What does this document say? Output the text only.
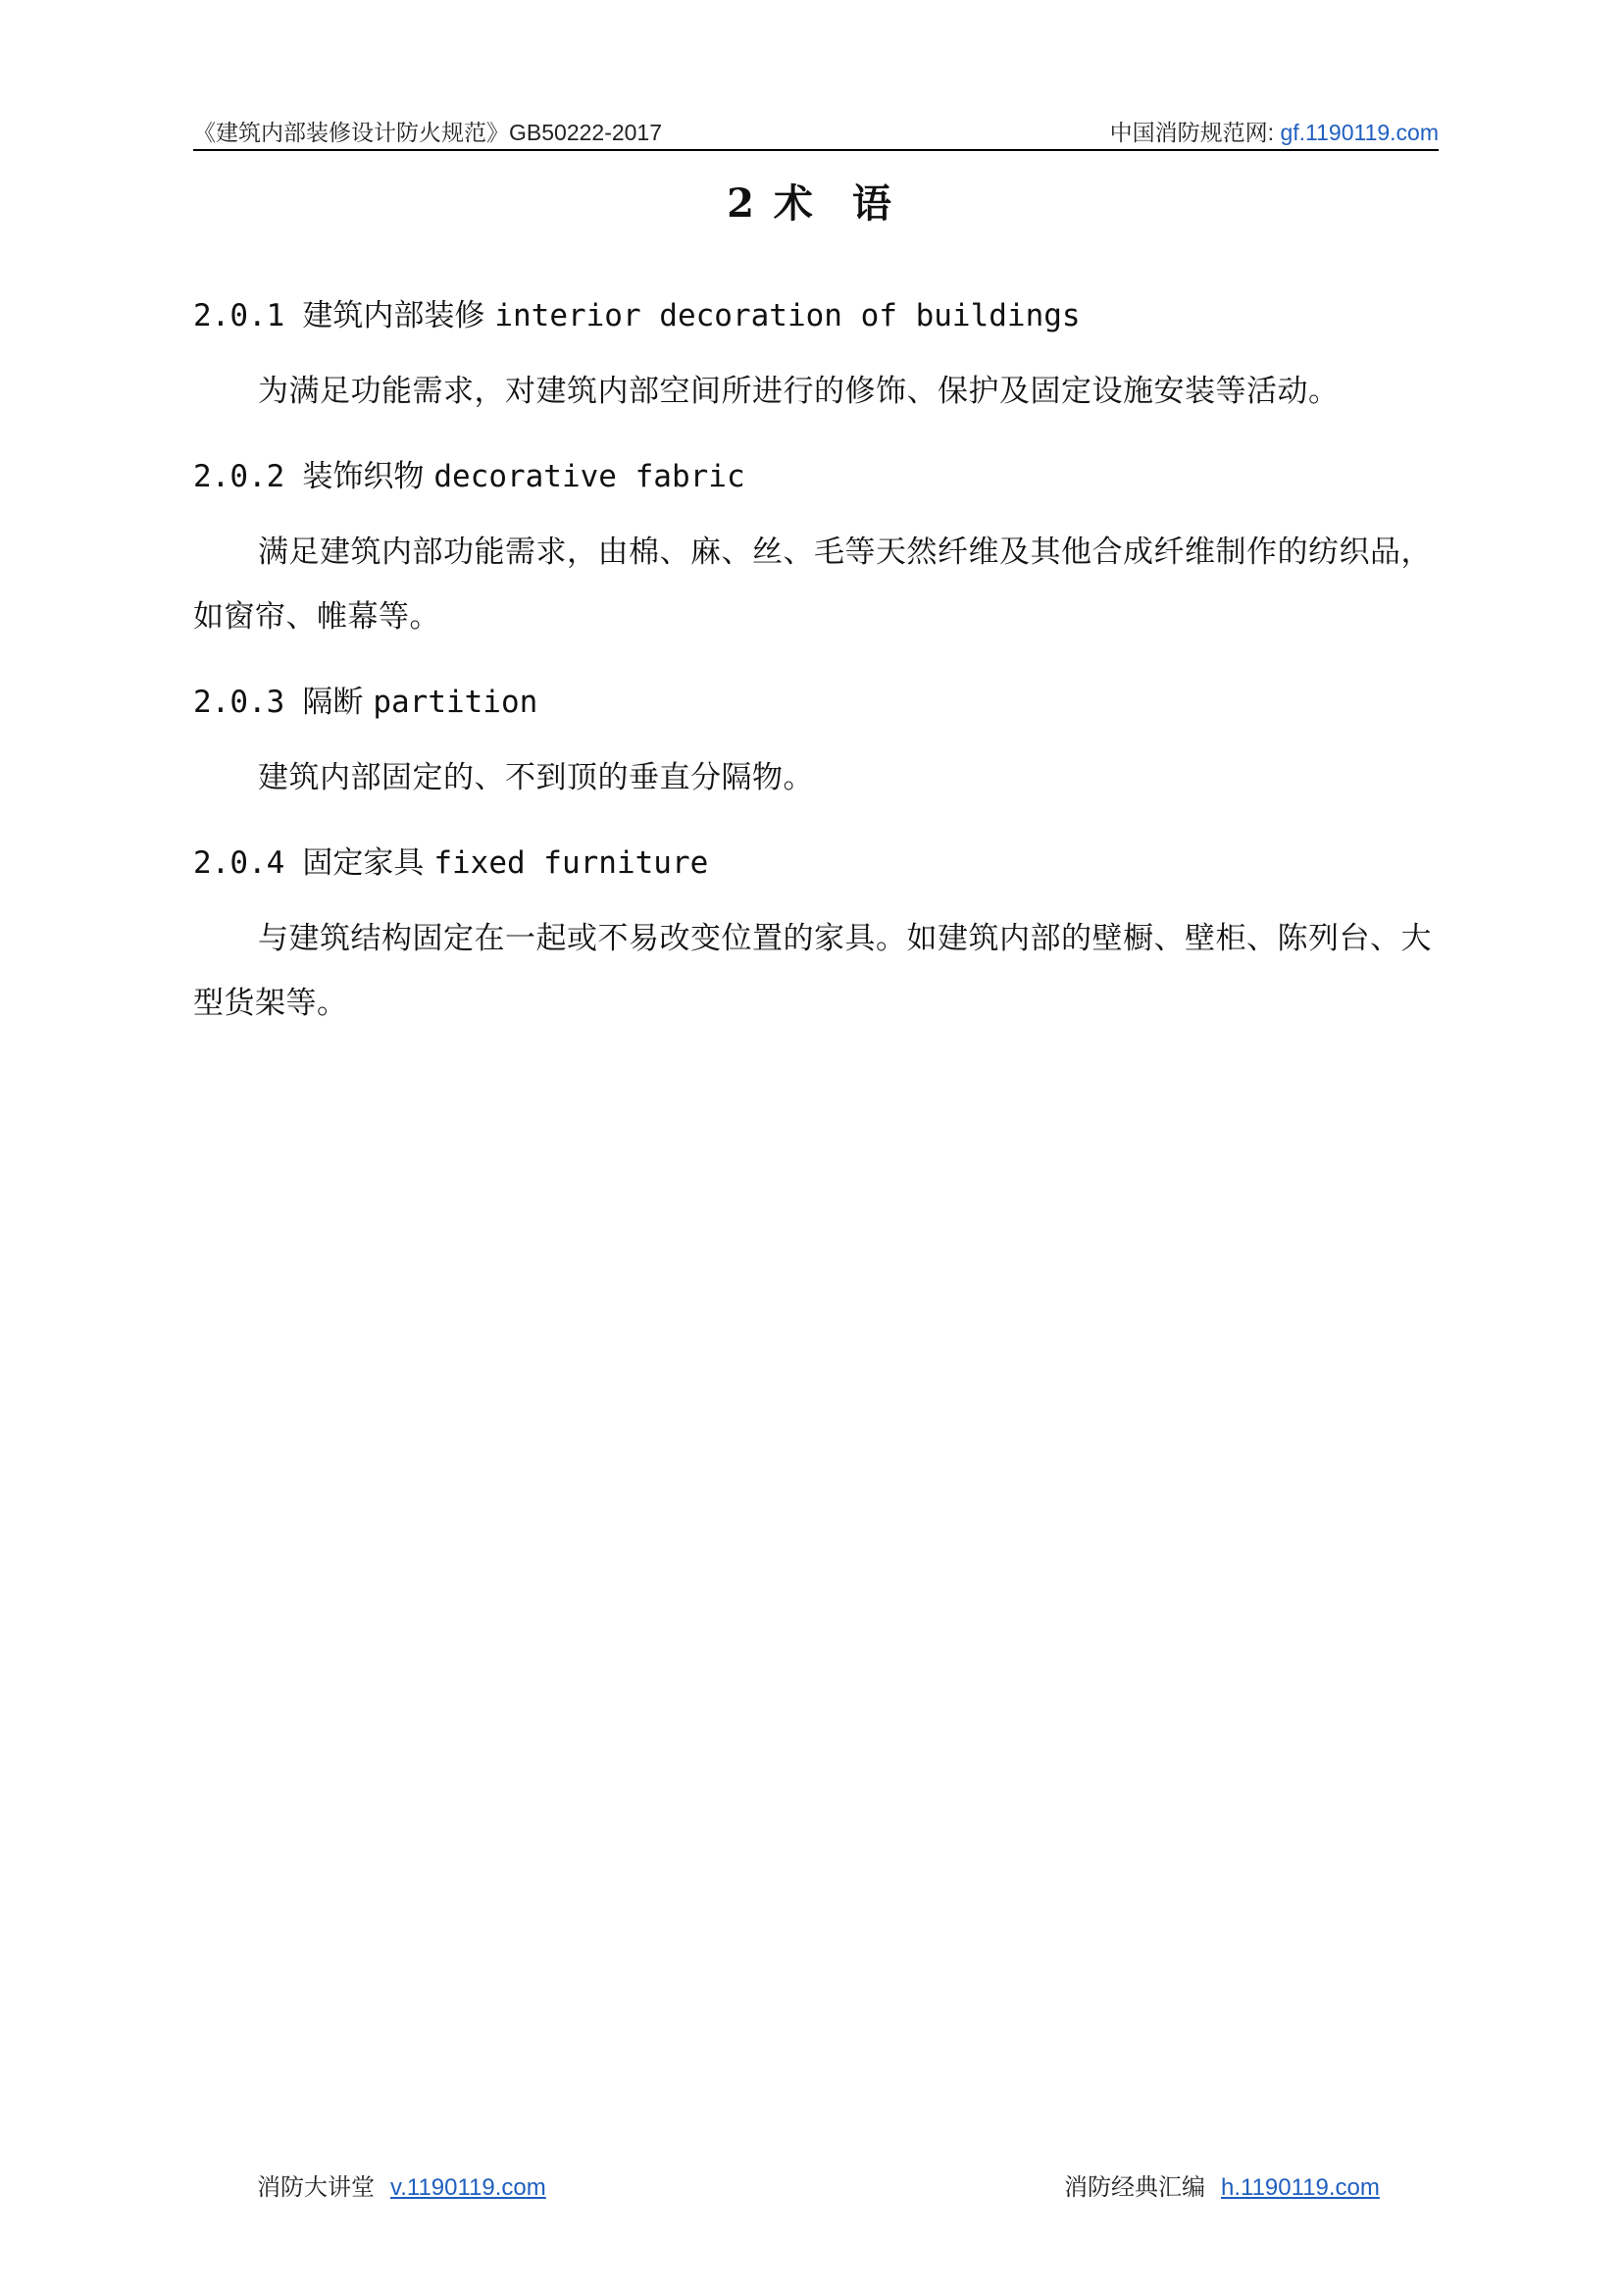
《建筑内部装修设计防火规范》GB50222-2017	中国消防规范网: gf.1190119.com
2 术 语
2.0.1 建筑内部装修 interior decoration of buildings
为满足功能需求，对建筑内部空间所进行的修饰、保护及固定设施安装等活动。
2.0.2 装饰织物 decorative fabric
满足建筑内部功能需求，由棉、麻、丝、毛等天然纤维及其他合成纤维制作的纺织品，如窗帘、帷幕等。
2.0.3 隔断 partition
建筑内部固定的、不到顶的垂直分隔物。
2.0.4 固定家具 fixed furniture
与建筑结构固定在一起或不易改变位置的家具。如建筑内部的壁橱、壁柜、陈列台、大型货架等。
消防大讲堂 v.1190119.com	消防经典汇编 h.1190119.com
